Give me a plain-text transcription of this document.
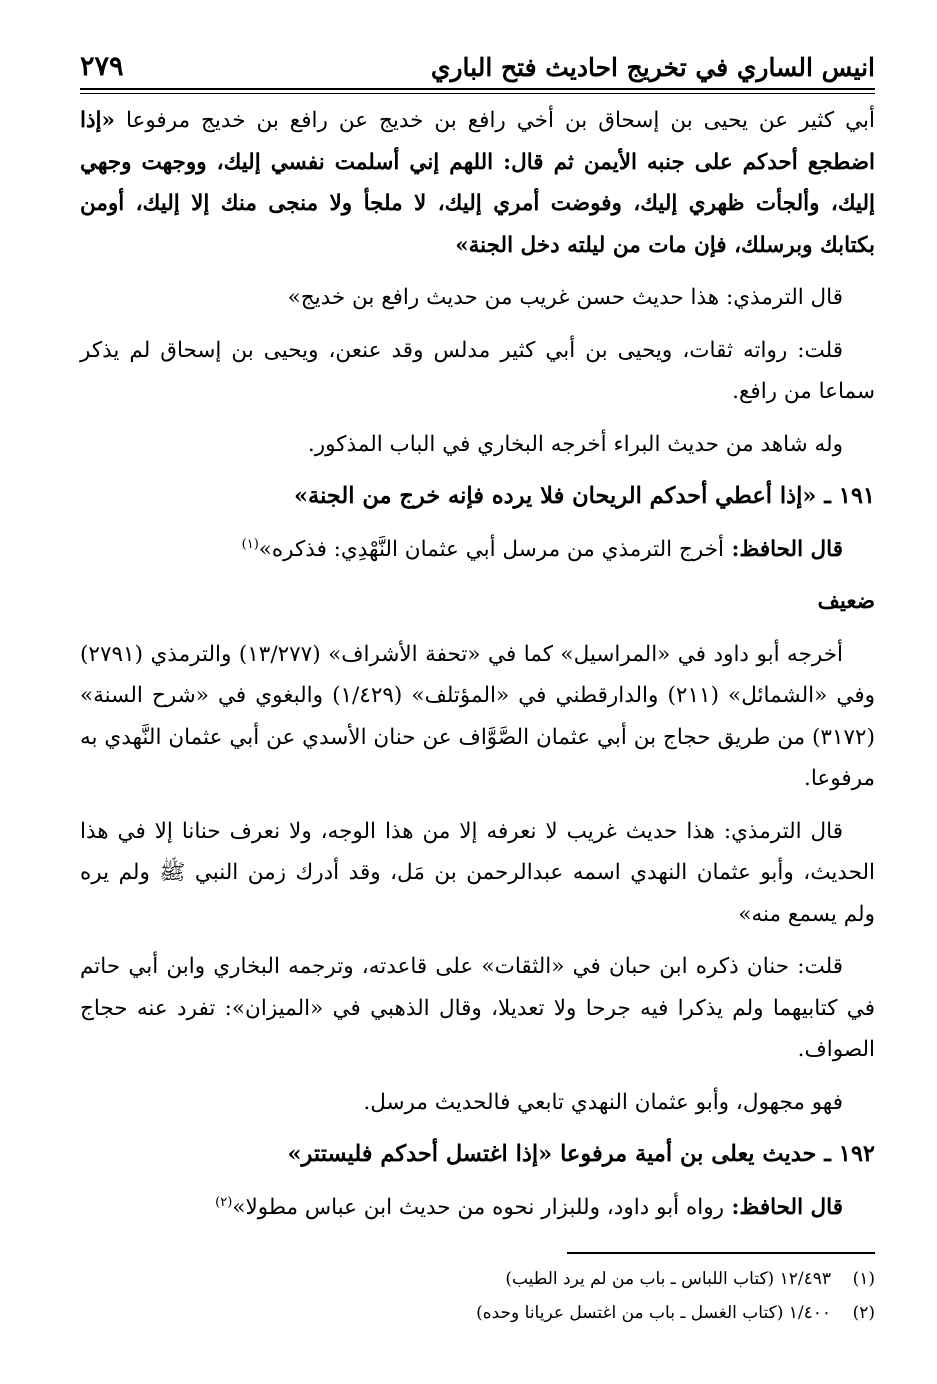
انيس الساري في تخريج احاديث فتح الباري
٢٧٩

أبي كثير عن يحيى بن إسحاق بن أخي رافع بن خديج عن رافع بن خديج مرفوعا «إذا اضطجع أحدكم على جنبه الأيمن ثم قال: اللهم إني أسلمت نفسي إليك، ووجهت وجهي إليك، وألجأت ظهري إليك، وفوضت أمري إليك، لا ملجأ ولا منجى منك إلا إليك، أومن بكتابك وبرسلك، فإن مات من ليلته دخل الجنة»

قال الترمذي: هذا حديث حسن غريب من حديث رافع بن خديج»

قلت: رواته ثقات، ويحيى بن أبي كثير مدلس وقد عنعن، ويحيى بن إسحاق لم يذكر سماعا من رافع.

وله شاهد من حديث البراء أخرجه البخاري في الباب المذكور.

١٩١ ـ «إذا أعطي أحدكم الريحان فلا يرده فإنه خرج من الجنة»

قال الحافظ: أخرج الترمذي من مرسل أبي عثمان النَّهْدِي: فذكره»$^{(١)}$

ضعيف

أخرجه أبو داود في «المراسيل» كما في «تحفة الأشراف» (١٣/٢٧٧) والترمذي (٢٧٩١) وفي «الشمائل» (٢١١) والدارقطني في «المؤتلف» (١/٤٢٩) والبغوي في «شرح السنة» (٣١٧٢) من طريق حجاج بن أبي عثمان الصَّوَّاف عن حنان الأسدي عن أبي عثمان النَّهدي به مرفوعا.

قال الترمذي: هذا حديث غريب لا نعرفه إلا من هذا الوجه، ولا نعرف حنانا إلا في هذا الحديث، وأبو عثمان النهدي اسمه عبدالرحمن بن مَل، وقد أدرك زمن النبي ﷺ ولم يره ولم يسمع منه»

قلت: حنان ذكره ابن حبان في «الثقات» على قاعدته، وترجمه البخاري وابن أبي حاتم في كتابيهما ولم يذكرا فيه جرحا ولا تعديلا، وقال الذهبي في «الميزان»: تفرد عنه حجاج الصواف.

فهو مجهول، وأبو عثمان النهدي تابعي فالحديث مرسل.

١٩٢ ـ حديث يعلى بن أمية مرفوعا «إذا اغتسل أحدكم فليستتر»

قال الحافظ: رواه أبو داود، وللبزار نحوه من حديث ابن عباس مطولا»$^{(٢)}$

(١)١٢/٤٩٣ (كتاب اللباس ـ باب من لم يرد الطيب)
(٢)١/٤٠٠ (كتاب الغسل ـ باب من اغتسل عريانا وحده)
